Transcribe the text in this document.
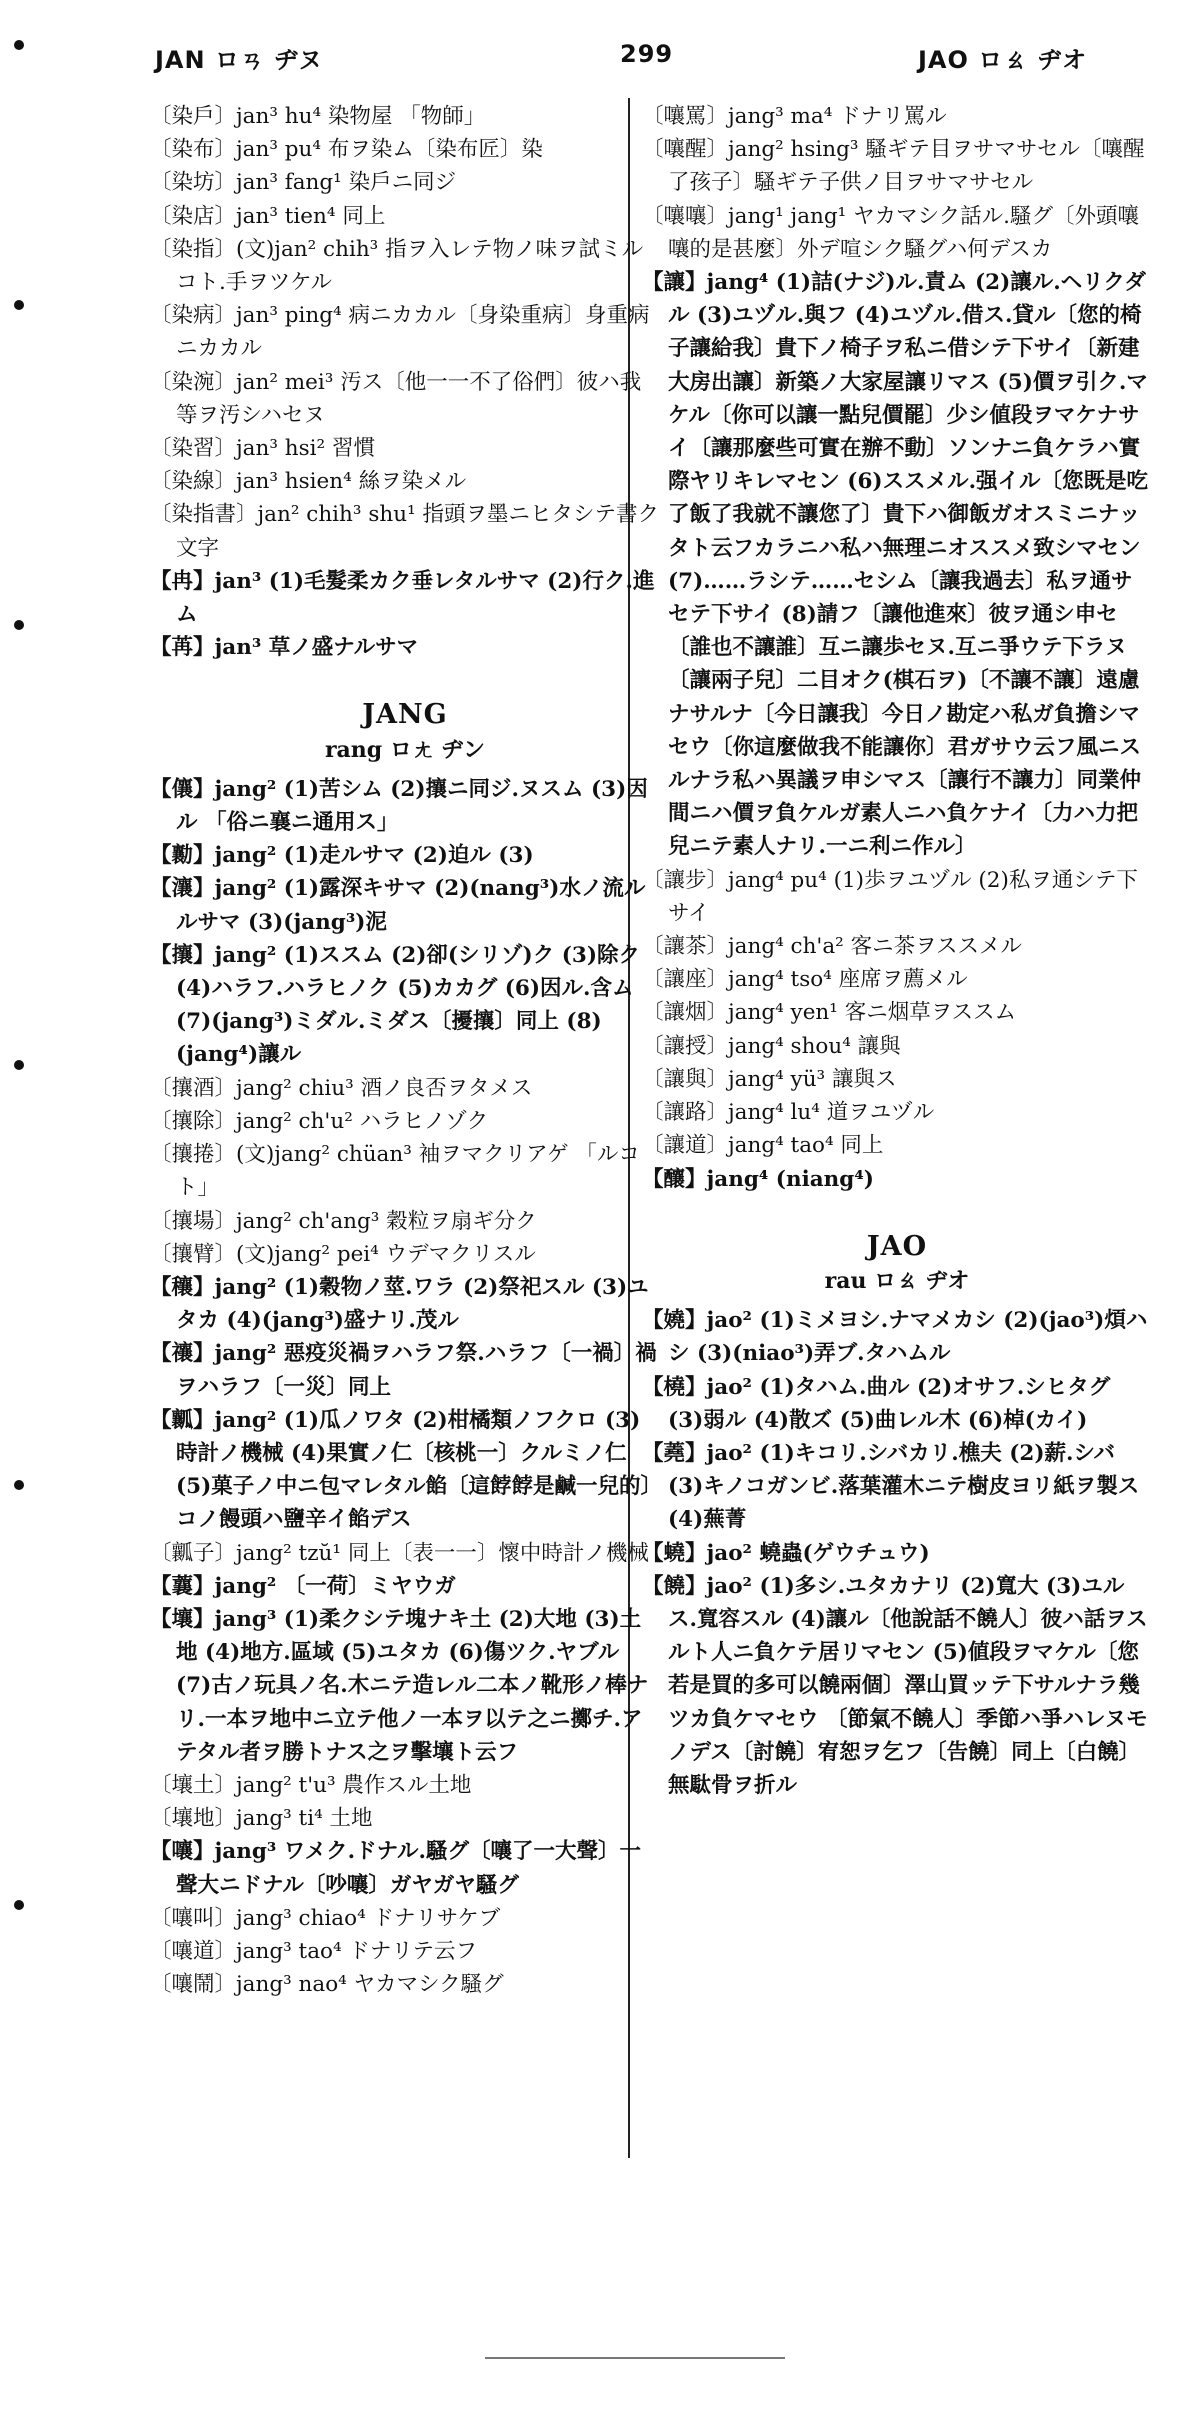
JAN ロㄢ ヂヌ	299	JAO ロㄠ ヂオ

〔染戶〕jan³ hu⁴ 染物屋 「物師」

〔染布〕jan³ pu⁴ 布ヲ染ム〔染布匠〕染

〔染坊〕jan³ fang¹ 染戶ニ同ジ

〔染店〕jan³ tien⁴ 同上

〔染指〕(文)jan² chih³ 指ヲ入レテ物ノ味ヲ試ミルコト.手ヲツケル

〔染病〕jan³ ping⁴ 病ニカカル〔身染重病〕身重病ニカカル

〔染涴〕jan² mei³ 汚ス〔他一一不了俗們〕彼ハ我等ヲ汚シハセヌ

〔染習〕jan³ hsi² 習慣

〔染線〕jan³ hsien⁴ 絲ヲ染メル

〔染指書〕jan² chih³ shu¹ 指頭ヲ墨ニヒタシテ書ク文字

【冉】jan³ (1)毛髮柔カク垂レタルサマ (2)行ク.進ム

【苒】jan³ 草ノ盛ナルサマ

JANG
rang ロㄤ ヂン

【儴】jang² (1)苦シム (2)攘ニ同ジ.ヌスム (3)因ル 「俗ニ襄ニ通用ス」

【勷】jang² (1)走ルサマ (2)迫ル (3)

【瀼】jang² (1)露深キサマ (2)(nang³)水ノ流ルルサマ (3)(jang³)泥

【攘】jang² (1)ススム (2)卻(シリゾ)ク (3)除ク (4)ハラフ.ハラヒノク (5)カカグ (6)因ル.含ム (7)(jang³)ミダル.ミダス〔擾攘〕同上 (8)(jang⁴)讓ル

〔攘酒〕jang² chiu³ 酒ノ良否ヲタメス

〔攘除〕jang² ch'u² ハラヒノゾク

〔攘捲〕(文)jang² chüan³ 袖ヲマクリアゲ 「ルコト」

〔攘場〕jang² ch'ang³ 穀粒ヲ扇ギ分ク

〔攘臂〕(文)jang² pei⁴ ウデマクリスル

【穰】jang² (1)穀物ノ莖.ワラ (2)祭祀スル (3)ユタカ (4)(jang³)盛ナリ.茂ル

【禳】jang² 惡疫災禍ヲハラフ祭.ハラフ〔一禍〕禍ヲハラフ〔一災〕同上

【瓤】jang² (1)瓜ノワタ (2)柑橘類ノフクロ (3)時計ノ機械 (4)果實ノ仁〔核桃一〕クルミノ仁 (5)菓子ノ中ニ包マレタル餡〔這餑餑是鹹一兒的〕コノ饅頭ハ鹽辛イ餡デス

〔瓤子〕jang² tzŭ¹ 同上〔表一一〕懷中時計ノ機械

【蘘】jang² 〔一荷〕ミヤウガ

【壤】jang³ (1)柔クシテ塊ナキ土 (2)大地 (3)土地 (4)地方.區域 (5)ユタカ (6)傷ツク.ヤブル (7)古ノ玩具ノ名.木ニテ造レル二本ノ靴形ノ棒ナリ.一本ヲ地中ニ立テ他ノ一本ヲ以テ之ニ擲チ.アテタル者ヲ勝トナス之ヲ擊壤ト云フ

〔壤土〕jang² t'u³ 農作スル土地

〔壤地〕jang³ ti⁴ 土地

【嚷】jang³ ワメク.ドナル.騷グ〔嚷了一大聲〕一聲大ニドナル〔吵嚷〕ガヤガヤ騷グ

〔嚷叫〕jang³ chiao⁴ ドナリサケブ

〔嚷道〕jang³ tao⁴ ドナリテ云フ

〔嚷鬧〕jang³ nao⁴ ヤカマシク騷グ

〔嚷罵〕jang³ ma⁴ ドナリ罵ル

〔嚷醒〕jang² hsing³ 騷ギテ目ヲサマサセル〔嚷醒了孩子〕騷ギテ子供ノ目ヲサマサセル

〔嚷嚷〕jang¹ jang¹ ヤカマシク話ル.騷グ〔外頭嚷嚷的是甚麼〕外デ喧シク騷グハ何デスカ

【讓】jang⁴ (1)詰(ナジ)ル.責ム (2)讓ル.ヘリクダル (3)ユヅル.與フ (4)ユヅル.借ス.貸ル〔您的椅子讓給我〕貴下ノ椅子ヲ私ニ借シテ下サイ〔新建大房出讓〕新築ノ大家屋讓リマス (5)價ヲ引ク.マケル〔你可以讓一點兒價罷〕少シ値段ヲマケナサイ〔讓那麼些可實在辦不動〕ソンナニ負ケラハ實際ヤリキレマセン (6)ススメル.强イル〔您既是吃了飯了我就不讓您了〕貴下ハ御飯ガオスミニナッタト云フカラニハ私ハ無理ニオススメ致シマセン (7)……ラシテ……セシム〔讓我過去〕私ヲ通サセテ下サイ (8)請フ〔讓他進來〕彼ヲ通シ申セ 〔誰也不讓誰〕互ニ讓歩セヌ.互ニ爭ウテ下ラヌ〔讓兩子兒〕二目オク(棋石ヲ)〔不讓不讓〕遠慮ナサルナ〔今日讓我〕今日ノ勘定ハ私ガ負擔シマセウ〔你這麼做我不能讓你〕君ガサウ云フ風ニスルナラ私ハ異議ヲ申シマス〔讓行不讓力〕同業仲間ニハ價ヲ負ケルガ素人ニハ負ケナイ〔力ハ力把兒ニテ素人ナリ.一ニ利ニ作ル〕

〔讓步〕jang⁴ pu⁴ (1)歩ヲユヅル (2)私ヲ通シテ下サイ

〔讓茶〕jang⁴ ch'a² 客ニ茶ヲススメル

〔讓座〕jang⁴ tso⁴ 座席ヲ薦メル

〔讓烟〕jang⁴ yen¹ 客ニ烟草ヲススム

〔讓授〕jang⁴ shou⁴ 讓與

〔讓與〕jang⁴ yü³ 讓與ス

〔讓路〕jang⁴ lu⁴ 道ヲユヅル

〔讓道〕jang⁴ tao⁴ 同上

【釀】jang⁴ (niang⁴)

JAO
rau ロㄠ ヂオ

【嬈】jao² (1)ミメヨシ.ナマメカシ (2)(jao³)煩ハシ (3)(niao³)弄ブ.タハムル

【橈】jao² (1)タハム.曲ル (2)オサフ.シヒタグ (3)弱ル (4)散ズ (5)曲レル木 (6)棹(カイ)

【蕘】jao² (1)キコリ.シバカリ.樵夫 (2)薪.シバ (3)キノコガンビ.落葉灌木ニテ樹皮ヨリ紙ヲ製ス (4)蕪菁

【蟯】jao² 蟯蟲(ゲウチュウ)

【饒】jao² (1)多シ.ユタカナリ (2)寬大 (3)ユルス.寬容スル (4)讓ル〔他說話不饒人〕彼ハ話ヲスルト人ニ負ケテ居リマセン (5)値段ヲマケル〔您若是買的多可以饒兩個〕澤山買ッテ下サルナラ幾ツカ負ケマセウ 〔節氣不饒人〕季節ハ爭ハレヌモノデス〔討饒〕宥恕ヲ乞フ〔告饒〕同上〔白饒〕無駄骨ヲ折ル
